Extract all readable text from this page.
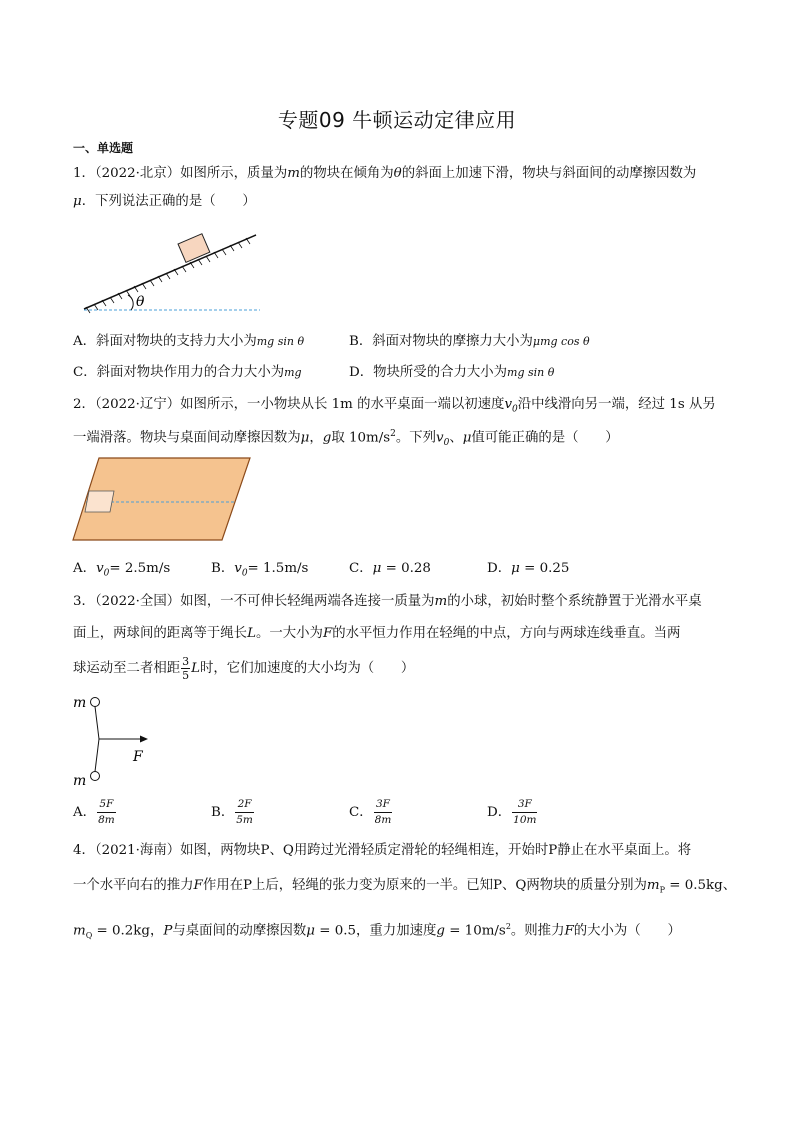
专题09 牛顿运动定律应用
一、单选题
1．（2022·北京）如图所示，质量为m的物块在倾角为θ的斜面上加速下滑，物块与斜面间的动摩擦因数为
μ．下列说法正确的是（　　）
θ
A．斜面对物块的支持力大小为mg sin θ	B．斜面对物块的摩擦力大小为μmg cos θ
C．斜面对物块作用力的合力大小为mg	D．物块所受的合力大小为mg sin θ
2．（2022·辽宁）如图所示，一小物块从长 1m 的水平桌面一端以初速度$v_0$沿中线滑向另一端，经过 1s 从另
一端滑落。物块与桌面间动摩擦因数为μ，g取 $10m/s^2$。下列$v_0$、μ值可能正确的是（　　）
A．$v_0= 2.5m/s$	B．$v_0= 1.5m/s$	C．μ = 0.28	D．μ = 0.25
3．（2022·全国）如图，一不可伸长轻绳两端各连接一质量为m的小球，初始时整个系统静置于光滑水平桌
面上，两球间的距离等于绳长L。一大小为F的水平恒力作用在轻绳的中点，方向与两球连线垂直。当两
球运动至二者相距 $\frac{3}{5}$ L时，它们加速度的大小均为（　　）
m
F
m
A． $\frac{5F}{8m}$	B． $\frac{2F}{5m}$	C． $\frac{3F}{8m}$	D． $\frac{3F}{10m}$
4．（2021·海南）如图，两物块P、Q用跨过光滑轻质定滑轮的轻绳相连，开始时P静止在水平桌面上。将
一个水平向右的推力F作用在P上后，轻绳的张力变为原来的一半。已知P、Q两物块的质量分别为$m_P = 0.5kg$、
$m_Q = 0.2kg$，P与桌面间的动摩擦因数μ = 0.5，重力加速度$g = 10m/s^2$。则推力F的大小为（　　）
